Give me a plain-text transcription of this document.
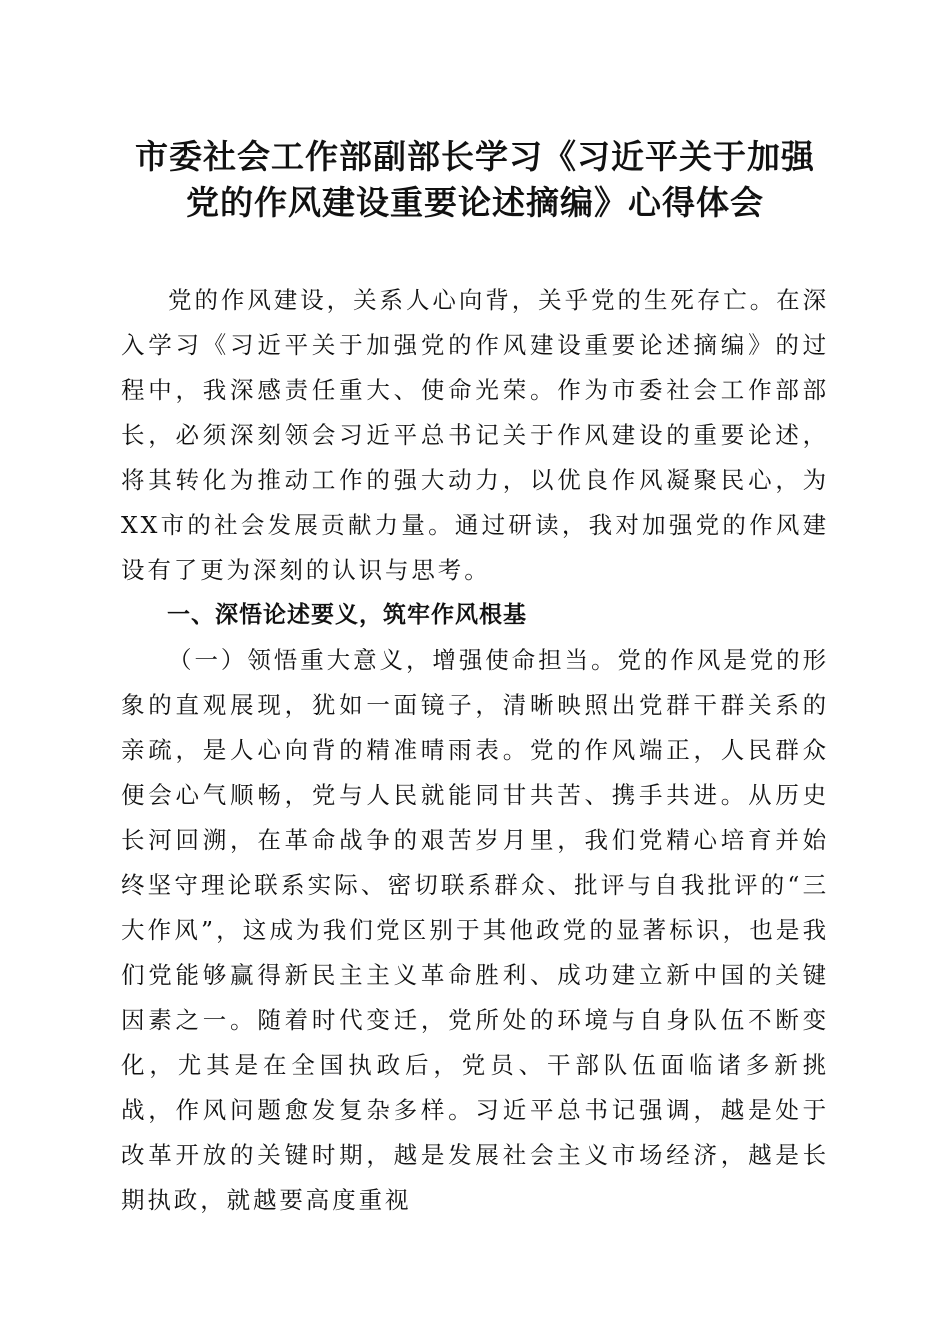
市委社会工作部副部长学习《习近平关于加强
党的作风建设重要论述摘编》心得体会

党的作风建设，关系人心向背，关乎党的生死存亡。在深入学习《习近平关于加强党的作风建设重要论述摘编》的过程中，我深感责任重大、使命光荣。作为市委社会工作部部长，必须深刻领会习近平总书记关于作风建设的重要论述，将其转化为推动工作的强大动力，以优良作风凝聚民心，为XX市的社会发展贡献力量。通过研读，我对加强党的作风建设有了更为深刻的认识与思考。

一、深悟论述要义，筑牢作风根基

（一）领悟重大意义，增强使命担当。党的作风是党的形象的直观展现，犹如一面镜子，清晰映照出党群干群关系的亲疏，是人心向背的精准晴雨表。党的作风端正，人民群众便会心气顺畅，党与人民就能同甘共苦、携手共进。从历史长河回溯，在革命战争的艰苦岁月里，我们党精心培育并始终坚守理论联系实际、密切联系群众、批评与自我批评的“三大作风”，这成为我们党区别于其他政党的显著标识，也是我们党能够赢得新民主主义革命胜利、成功建立新中国的关键因素之一。随着时代变迁，党所处的环境与自身队伍不断变化，尤其是在全国执政后，党员、干部队伍面临诸多新挑战，作风问题愈发复杂多样。习近平总书记强调，越是处于改革开放的关键时期，越是发展社会主义市场经济，越是长期执政，就越要高度重视
